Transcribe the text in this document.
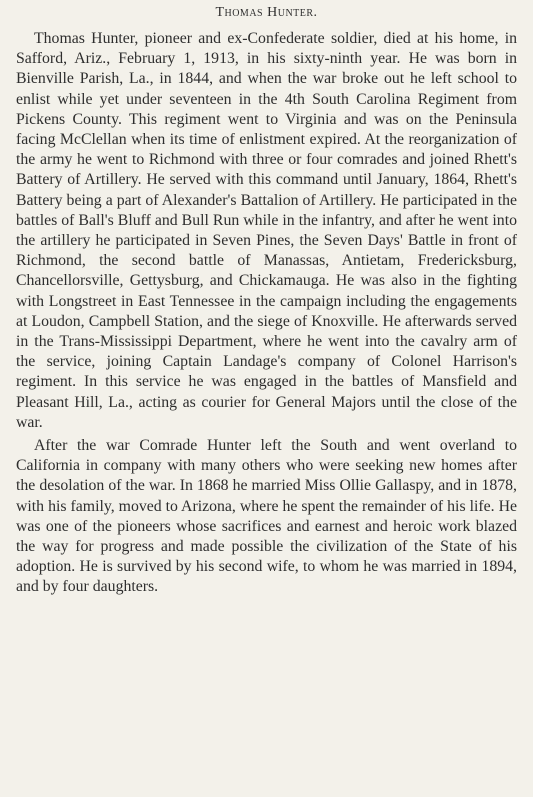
Thomas Hunter.

Thomas Hunter, pioneer and ex-Confederate soldier, died at his home, in Safford, Ariz., February 1, 1913, in his sixty-ninth year. He was born in Bienville Parish, La., in 1844, and when the war broke out he left school to enlist while yet under seventeen in the 4th South Carolina Regiment from Pickens County. This regiment went to Virginia and was on the Peninsula facing McClellan when its time of enlistment expired. At the reorganization of the army he went to Richmond with three or four comrades and joined Rhett's Battery of Artillery. He served with this command until January, 1864, Rhett's Battery being a part of Alexander's Battalion of Artillery. He participated in the battles of Ball's Bluff and Bull Run while in the infantry, and after he went into the artillery he participated in Seven Pines, the Seven Days' Battle in front of Richmond, the second battle of Manassas, Antietam, Fredericksburg, Chancellorsville, Gettysburg, and Chickamauga. He was also in the fighting with Longstreet in East Tennessee in the campaign including the engagements at Loudon, Campbell Station, and the siege of Knoxville. He afterwards served in the Trans-Mississippi Department, where he went into the cavalry arm of the service, joining Captain Landage's company of Colonel Harrison's regiment. In this service he was engaged in the battles of Mansfield and Pleasant Hill, La., acting as courier for General Majors until the close of the war.

After the war Comrade Hunter left the South and went overland to California in company with many others who were seeking new homes after the desolation of the war. In 1868 he married Miss Ollie Gallaspy, and in 1878, with his family, moved to Arizona, where he spent the remainder of his life. He was one of the pioneers whose sacrifices and earnest and heroic work blazed the way for progress and made possible the civilization of the State of his adoption. He is survived by his second wife, to whom he was married in 1894, and by four daughters.
